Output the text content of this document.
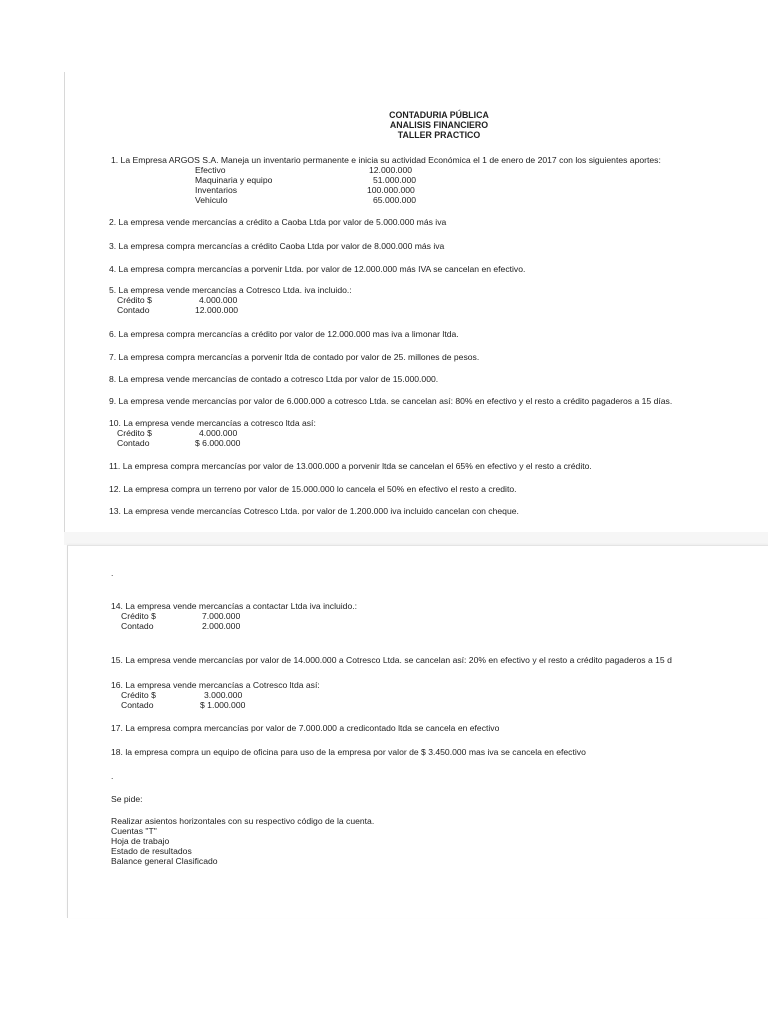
CONTADURIA PÚBLICA
ANALISIS FINANCIERO
TALLER PRACTICO
1. La Empresa ARGOS S.A. Maneja un inventario permanente e inicia su actividad Económica el 1 de enero de 2017 con los siguientes aportes:
Efectivo	12.000.000
Maquinaria y equipo	51.000.000
Inventarios	100.000.000
Vehiculo	65.000.000
2. La empresa vende mercancías a crédito a Caoba Ltda por valor de 5.000.000 más iva
3. La empresa compra mercancías a crédito Caoba Ltda por valor de 8.000.000 más iva
4. La empresa compra mercancías a porvenir Ltda. por valor de 12.000.000 más IVA se cancelan en efectivo.
5. La empresa vende mercancías a Cotresco Ltda. iva incluido.:
Crédito $	4.000.000
Contado	12.000.000
6. La empresa compra mercancías a crédito por valor de 12.000.000 mas iva a limonar ltda.
7. La empresa compra mercancías a porvenir ltda de contado por valor de 25. millones de pesos.
8. La empresa vende mercancías de contado a cotresco Ltda por valor de 15.000.000.
9. La empresa vende mercancías por valor de 6.000.000 a cotresco Ltda. se cancelan así: 80% en efectivo y el resto a crédito pagaderos a 15 días.
10. La empresa vende mercancías a cotresco ltda así:
Crédito $	4.000.000
Contado	$ 6.000.000
11. La empresa compra mercancías por valor de 13.000.000 a porvenir ltda se cancelan el 65% en efectivo y el resto a crédito.
12. La empresa compra un terreno por valor de 15.000.000 lo cancela el 50% en efectivo el resto a credito.
13. La empresa vende mercancías Cotresco Ltda. por valor de 1.200.000 iva incluido cancelan con cheque.
.
14. La empresa vende mercancías a contactar Ltda iva incluido.:
Crédito $	7.000.000
Contado	2.000.000
15. La empresa vende mercancías por valor de 14.000.000 a Cotresco Ltda. se cancelan así: 20% en efectivo y el resto a crédito pagaderos a 15 d
16. La empresa vende mercancías a Cotresco ltda así:
Crédito $	3.000.000
Contado	$ 1.000.000
17. La empresa compra mercancías por valor de 7.000.000 a credicontado ltda se cancela en efectivo
18. la empresa compra un equipo de oficina para uso de la empresa por valor de $ 3.450.000 mas iva se cancela en efectivo
.
Se pide:
Realizar asientos horizontales con su respectivo código de la cuenta.
Cuentas "T"
Hoja de trabajo
Estado de resultados
Balance general Clasificado
